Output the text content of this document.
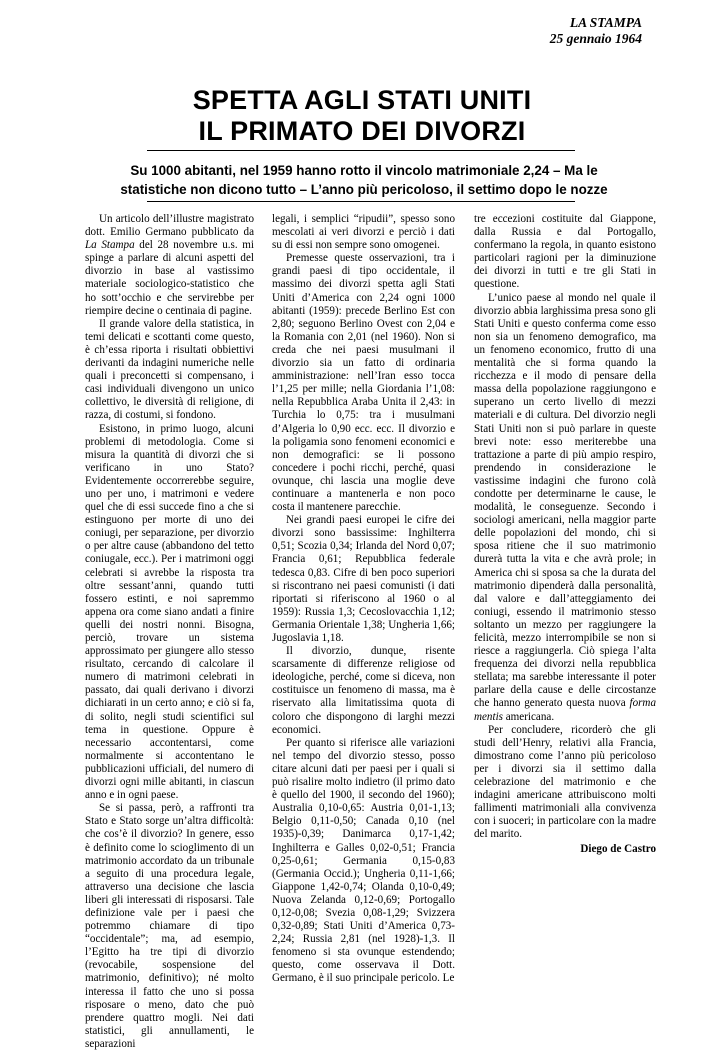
LA STAMPA
25 gennaio 1964
SPETTA AGLI STATI UNITI
IL PRIMATO DEI DIVORZI
Su 1000 abitanti, nel 1959 hanno rotto il vincolo matrimoniale 2,24 – Ma le
statistiche non dicono tutto – L’anno più pericoloso, il settimo dopo le nozze

Un articolo dell’illustre magistrato dott. Emilio Germano pubblicato da La Stampa del 28 novembre u.s. mi spinge a parlare di alcuni aspetti del divorzio in base al vastissimo materiale sociologico-statistico che ho sott’occhio e che servirebbe per riempire decine o centinaia di pagine.

Il grande valore della statistica, in temi delicati e scottanti come questo, è ch’essa riporta i risultati obbiettivi derivanti da indagini numeriche nelle quali i preconcetti si compensano, i casi individuali divengono un unico collettivo, le diversità di religione, di razza, di costumi, si fondono.

Esistono, in primo luogo, alcuni problemi di metodologia. Come si misura la quantità di divorzi che si verificano in uno Stato? Evidentemente occorrerebbe seguire, uno per uno, i matrimoni e vedere quel che di essi succede fino a che si estinguono per morte di uno dei coniugi, per separazione, per divorzio o per altre cause (abbandono del tetto coniugale, ecc.). Per i matrimoni oggi celebrati si avrebbe la risposta tra oltre sessant’anni, quando tutti fossero estinti, e noi sapremmo appena ora come siano andati a finire quelli dei nostri nonni. Bisogna, perciò, trovare un sistema approssimato per giungere allo stesso risultato, cercando di calcolare il numero di matrimoni celebrati in passato, dai quali derivano i divorzi dichiarati in un certo anno; e ciò si fa, di solito, negli studi scientifici sul tema in questione. Oppure è necessario accontentarsi, come normalmente si accontentano le pubblicazioni ufficiali, del numero di divorzi ogni mille abitanti, in ciascun anno e in ogni paese.

Se si passa, però, a raffronti tra Stato e Stato sorge un’altra difficoltà: che cos’è il divorzio? In genere, esso è definito come lo scioglimento di un matrimonio accordato da un tribunale a seguito di una procedura legale, attraverso una decisione che lascia liberi gli interessati di risposarsi. Tale definizione vale per i paesi che potremmo chiamare di tipo “occidentale”; ma, ad esempio, l’Egitto ha tre tipi di divorzio (revocabile, sospensione del matrimonio, definitivo); né molto interessa il fatto che uno si possa risposare o meno, dato che può prendere quattro mogli. Nei dati statistici, gli annullamenti, le separazioni

legali, i semplici “ripudii”, spesso sono mescolati ai veri divorzi e perciò i dati su di essi non sempre sono omogenei.

Premesse queste osservazioni, tra i grandi paesi di tipo occidentale, il massimo dei divorzi spetta agli Stati Uniti d’America con 2,24 ogni 1000 abitanti (1959): precede Berlino Est con 2,80; seguono Berlino Ovest con 2,04 e la Romania con 2,01 (nel 1960). Non si creda che nei paesi musulmani il divorzio sia un fatto di ordinaria amministrazione: nell’Iran esso tocca l’1,25 per mille; nella Giordania l’1,08: nella Repubblica Araba Unita il 2,43: in Turchia lo 0,75: tra i musulmani d’Algeria lo 0,90 ecc. ecc. Il divorzio e la poligamia sono fenomeni economici e non demografici: se li possono concedere i pochi ricchi, perché, quasi ovunque, chi lascia una moglie deve continuare a mantenerla e non poco costa il mantenere parecchie.

Nei grandi paesi europei le cifre dei divorzi sono bassissime: Inghilterra 0,51; Scozia 0,34; Irlanda del Nord 0,07; Francia 0,61; Repubblica federale tedesca 0,83. Cifre di ben poco superiori si riscontrano nei paesi comunisti (i dati riportati si riferiscono al 1960 o al 1959): Russia 1,3; Cecoslovacchia 1,12; Germania Orientale 1,38; Ungheria 1,66; Jugoslavia 1,18.

Il divorzio, dunque, risente scarsamente di differenze religiose od ideologiche, perché, come si diceva, non costituisce un fenomeno di massa, ma è riservato alla limitatissima quota di coloro che dispongono di larghi mezzi economici.

Per quanto si riferisce alle variazioni nel tempo del divorzio stesso, posso citare alcuni dati per paesi per i quali si può risalire molto indietro (il primo dato è quello del 1900, il secondo del 1960); Australia 0,10-0,65: Austria 0,01-1,13; Belgio 0,11-0,50; Canada 0,10 (nel 1935)-0,39; Danimarca 0,17-1,42; Inghilterra e Galles 0,02-0,51; Francia 0,25-0,61; Germania 0,15-0,83 (Germania Occid.); Ungheria 0,11-1,66; Giappone 1,42-0,74; Olanda 0,10-0,49; Nuova Zelanda 0,12-0,69; Portogallo 0,12-0,08; Svezia 0,08-1,29; Svizzera 0,32-0,89; Stati Uniti d’America 0,73-2,24; Russia 2,81 (nel 1928)-1,3. Il fenomeno si sta ovunque estendendo; questo, come osservava il Dott. Germano, è il suo principale pericolo. Le

tre eccezioni costituite dal Giappone, dalla Russia e dal Portogallo, confermano la regola, in quanto esistono particolari ragioni per la diminuzione dei divorzi in tutti e tre gli Stati in questione.

L’unico paese al mondo nel quale il divorzio abbia larghissima presa sono gli Stati Uniti e questo conferma come esso non sia un fenomeno demografico, ma un fenomeno economico, frutto di una mentalità che si forma quando la ricchezza e il modo di pensare della massa della popolazione raggiungono e superano un certo livello di mezzi materiali e di cultura. Del divorzio negli Stati Uniti non si può parlare in queste brevi note: esso meriterebbe una trattazione a parte di più ampio respiro, prendendo in considerazione le vastissime indagini che furono colà condotte per determinarne le cause, le modalità, le conseguenze. Secondo i sociologi americani, nella maggior parte delle popolazioni del mondo, chi si sposa ritiene che il suo matrimonio durerà tutta la vita e che avrà prole; in America chi si sposa sa che la durata del matrimonio dipenderà dalla personalità, dal valore e dall’atteggiamento dei coniugi, essendo il matrimonio stesso soltanto un mezzo per raggiungere la felicità, mezzo interrompibile se non si riesce a raggiungerla. Ciò spiega l’alta frequenza dei divorzi nella repubblica stellata; ma sarebbe interessante il poter parlare della cause e delle circostanze che hanno generato questa nuova forma mentis americana.

Per concludere, ricorderò che gli studi dell’Henry, relativi alla Francia, dimostrano come l’anno più pericoloso per i divorzi sia il settimo dalla celebrazione del matrimonio e che indagini americane attribuiscono molti fallimenti matrimoniali alla convivenza con i suoceri; in particolare con la madre del marito.

Diego de Castro
